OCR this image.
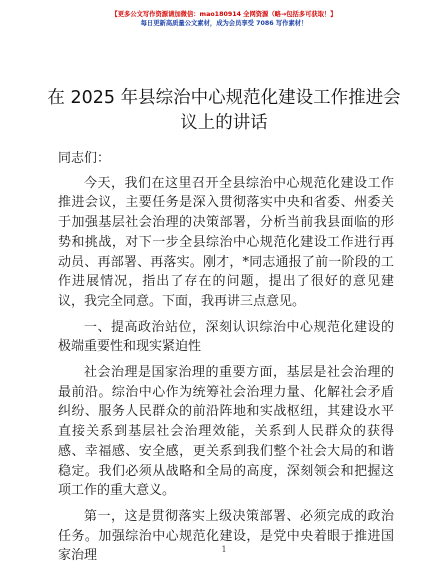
【更多公文写作资源请加微信：mao180914 全网资源（略→包括多可获取！】
每日更新高质量公文素材，成为会员享受 7086 写作素材！
在 2025 年县综治中心规范化建设工作推进会议上的讲话

同志们：

今天，我们在这里召开全县综治中心规范化建设工作推进会议，主要任务是深入贯彻落实中央和省委、州委关于加强基层社会治理的决策部署，分析当前我县面临的形势和挑战，对下一步全县综治中心规范化建设工作进行再动员、再部署、再落实。刚才，*同志通报了前一阶段的工作进展情况，指出了存在的问题，提出了很好的意见建议，我完全同意。下面，我再讲三点意见。

一、提高政治站位，深刻认识综治中心规范化建设的极端重要性和现实紧迫性

社会治理是国家治理的重要方面，基层是社会治理的最前沿。综治中心作为统筹社会治理力量、化解社会矛盾纠纷、服务人民群众的前沿阵地和实战枢纽，其建设水平直接关系到基层社会治理效能，关系到人民群众的获得感、幸福感、安全感，更关系到我们整个社会大局的和谐稳定。我们必须从战略和全局的高度，深刻领会和把握这项工作的重大意义。

第一，这是贯彻落实上级决策部署、必须完成的政治任务。加强综治中心规范化建设，是党中央着眼于推进国家治理	1
